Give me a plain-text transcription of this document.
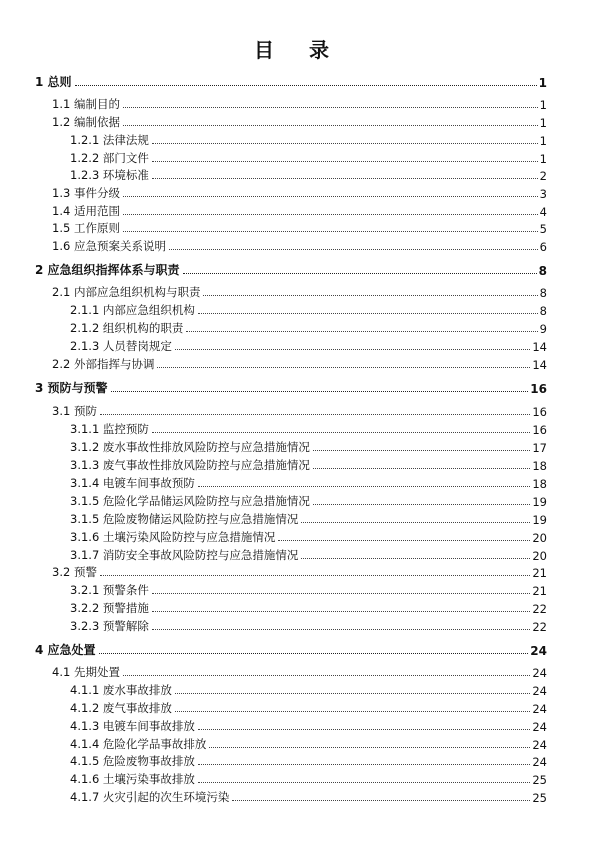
目 录
1 总则	1
1.1 编制目的	1
1.2 编制依据	1
1.2.1 法律法规	1
1.2.2 部门文件	1
1.2.3 环境标准	2
1.3 事件分级	3
1.4 适用范围	4
1.5 工作原则	5
1.6 应急预案关系说明	6
2 应急组织指挥体系与职责	8
2.1 内部应急组织机构与职责	8
2.1.1 内部应急组织机构	8
2.1.2 组织机构的职责	9
2.1.3 人员替岗规定	14
2.2 外部指挥与协调	14
3 预防与预警	16
3.1 预防	16
3.1.1 监控预防	16
3.1.2 废水事故性排放风险防控与应急措施情况	17
3.1.3 废气事故性排放风险防控与应急措施情况	18
3.1.4 电镀车间事故预防	18
3.1.5 危险化学品储运风险防控与应急措施情况	19
3.1.5 危险废物储运风险防控与应急措施情况	19
3.1.6 土壤污染风险防控与应急措施情况	20
3.1.7 消防安全事故风险防控与应急措施情况	20
3.2 预警	21
3.2.1 预警条件	21
3.2.2 预警措施	22
3.2.3 预警解除	22
4 应急处置	24
4.1 先期处置	24
4.1.1 废水事故排放	24
4.1.2 废气事故排放	24
4.1.3 电镀车间事故排放	24
4.1.4 危险化学品事故排放	24
4.1.5 危险废物事故排放	24
4.1.6 土壤污染事故排放	25
4.1.7 火灾引起的次生环境污染	25
